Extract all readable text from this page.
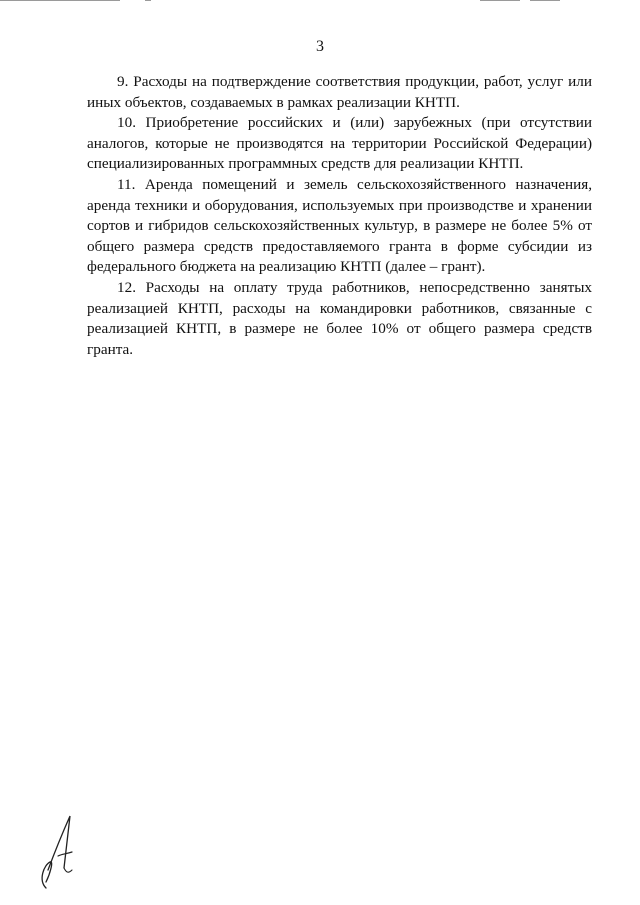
3

9. Расходы на подтверждение соответствия продукции, работ, услуг или иных объектов, создаваемых в рамках реализации КНТП.

10. Приобретение российских и (или) зарубежных (при отсутствии аналогов, которые не производятся на территории Российской Федерации) специализированных программных средств для реализации КНТП.

11. Аренда помещений и земель сельскохозяйственного назначения, аренда техники и оборудования, используемых при производстве и хранении сортов и гибридов сельскохозяйственных культур, в размере не более 5% от общего размера средств предоставляемого гранта в форме субсидии из федерального бюджета на реализацию КНТП (далее – грант).

12. Расходы на оплату труда работников, непосредственно занятых реализацией КНТП, расходы на командировки работников, связанные с реализацией КНТП, в размере не более 10% от общего размера средств гранта.
